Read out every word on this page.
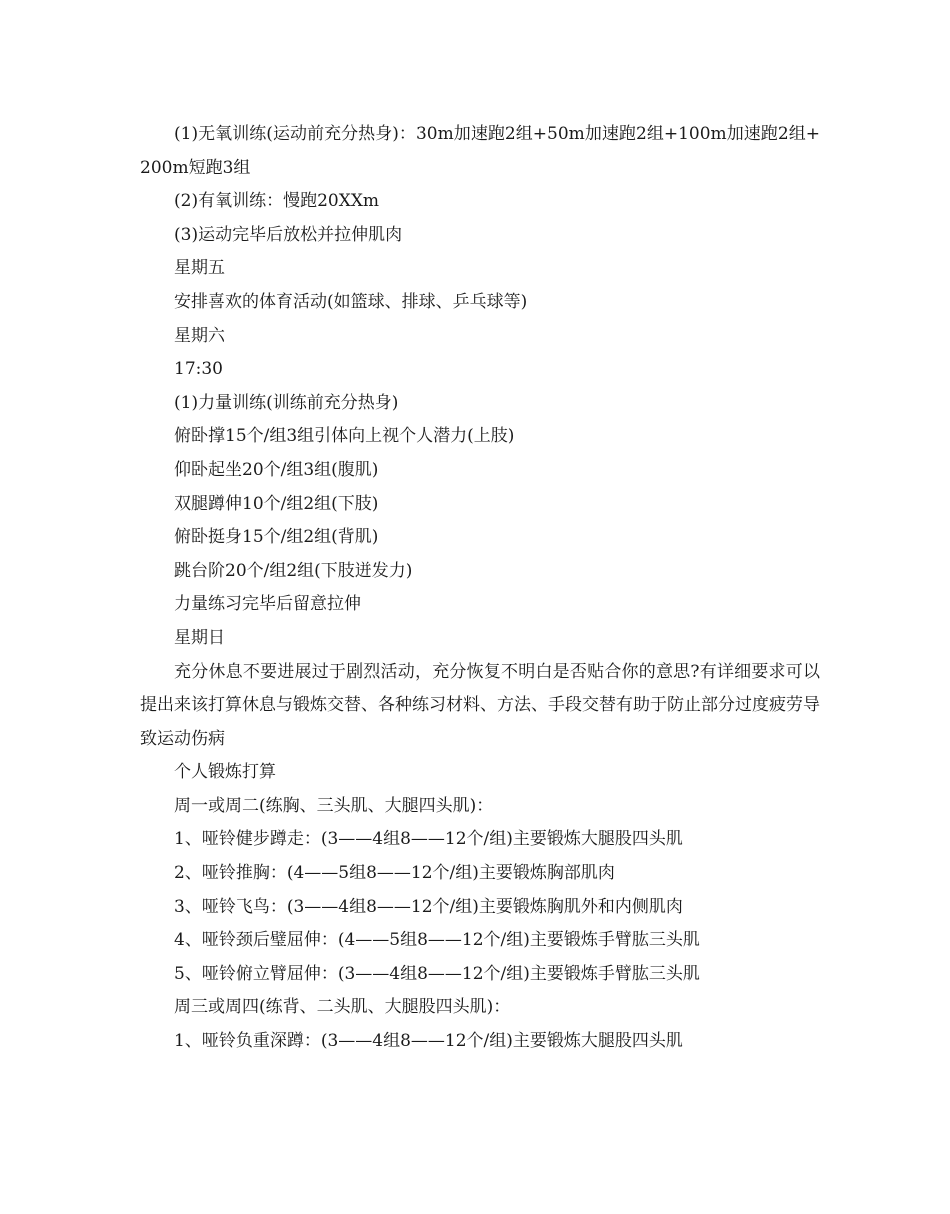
(1)无氧训练(运动前充分热身)：30m加速跑2组+50m加速跑2组+100m加速跑2组+200m短跑3组

(2)有氧训练：慢跑20XXm

(3)运动完毕后放松并拉伸肌肉

星期五

安排喜欢的体育活动(如篮球、排球、乒乓球等)

星期六

17:30

(1)力量训练(训练前充分热身)

俯卧撑15个/组3组引体向上视个人潜力(上肢)

仰卧起坐20个/组3组(腹肌)

双腿蹲伸10个/组2组(下肢)

俯卧挺身15个/组2组(背肌)

跳台阶20个/组2组(下肢迸发力)

力量练习完毕后留意拉伸

星期日

充分休息不要进展过于剧烈活动，充分恢复不明白是否贴合你的意思?有详细要求可以提出来该打算休息与锻炼交替、各种练习材料、方法、手段交替有助于防止部分过度疲劳导致运动伤病

个人锻炼打算

周一或周二(练胸、三头肌、大腿四头肌)：

1、哑铃健步蹲走：(3——4组8——12个/组)主要锻炼大腿股四头肌

2、哑铃推胸：(4——5组8——12个/组)主要锻炼胸部肌肉

3、哑铃飞鸟：(3——4组8——12个/组)主要锻炼胸肌外和内侧肌肉

4、哑铃颈后璧屈伸：(4——5组8——12个/组)主要锻炼手臂肱三头肌

5、哑铃俯立臂屈伸：(3——4组8——12个/组)主要锻炼手臂肱三头肌

周三或周四(练背、二头肌、大腿股四头肌)：

1、哑铃负重深蹲：(3——4组8——12个/组)主要锻炼大腿股四头肌
